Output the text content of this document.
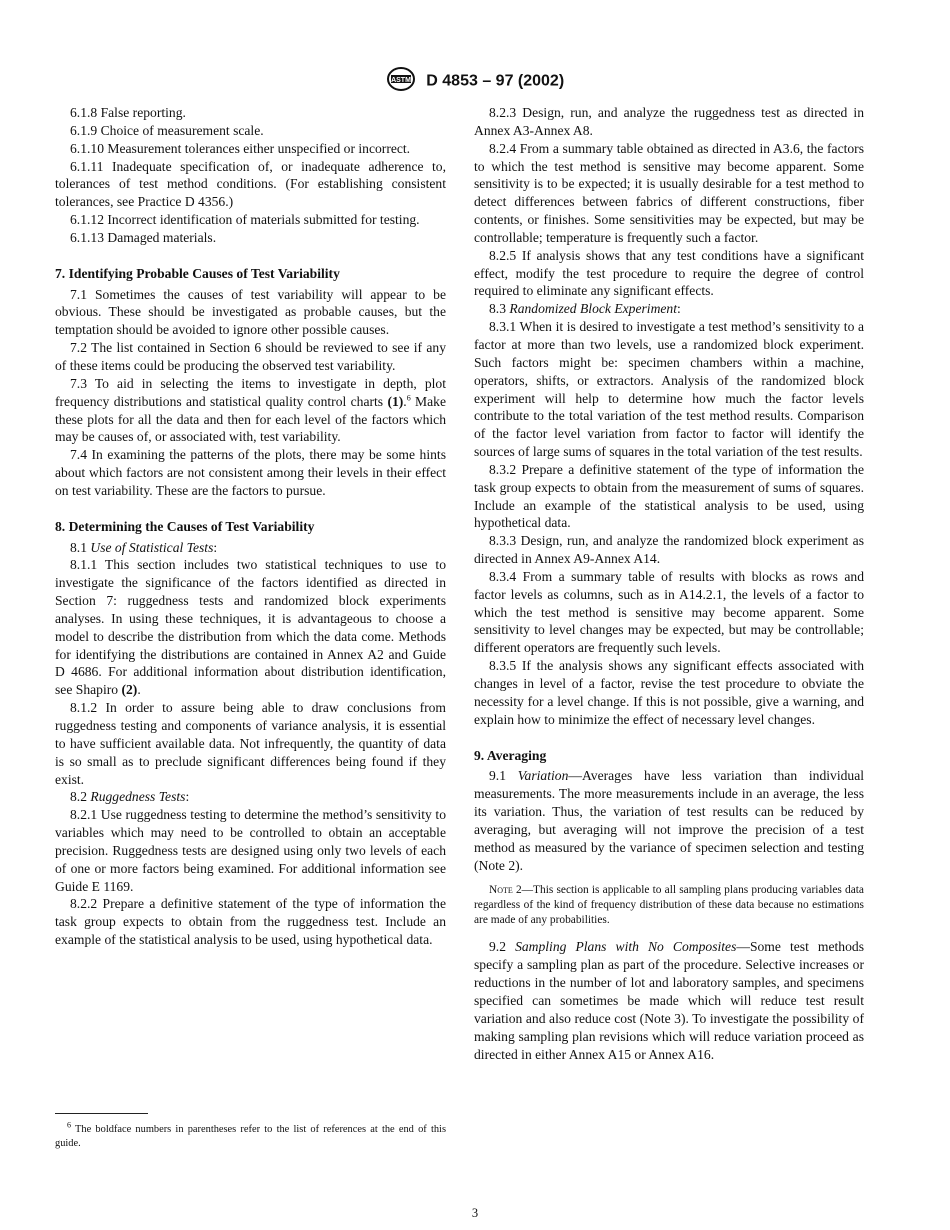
ASTM D 4853 – 97 (2002)

6.1.8 False reporting.

6.1.9 Choice of measurement scale.

6.1.10 Measurement tolerances either unspecified or incorrect.

6.1.11 Inadequate specification of, or inadequate adherence to, tolerances of test method conditions. (For establishing consistent tolerances, see Practice D 4356.)

6.1.12 Incorrect identification of materials submitted for testing.

6.1.13 Damaged materials.

7. Identifying Probable Causes of Test Variability

7.1 Sometimes the causes of test variability will appear to be obvious. These should be investigated as probable causes, but the temptation should be avoided to ignore other possible causes.

7.2 The list contained in Section 6 should be reviewed to see if any of these items could be producing the observed test variability.

7.3 To aid in selecting the items to investigate in depth, plot frequency distributions and statistical quality control charts (1).$^6$ Make these plots for all the data and then for each level of the factors which may be causes of, or associated with, test variability.

7.4 In examining the patterns of the plots, there may be some hints about which factors are not consistent among their levels in their effect on test variability. These are the factors to pursue.

8. Determining the Causes of Test Variability

8.1 Use of Statistical Tests:

8.1.1 This section includes two statistical techniques to use to investigate the significance of the factors identified as directed in Section 7: ruggedness tests and randomized block experiments analyses. In using these techniques, it is advantageous to choose a model to describe the distribution from which the data come. Methods for identifying the distributions are contained in Annex A2 and Guide D 4686. For additional information about distribution identification, see Shapiro (2).

8.1.2 In order to assure being able to draw conclusions from ruggedness testing and components of variance analysis, it is essential to have sufficient available data. Not infrequently, the quantity of data is so small as to preclude significant differences being found if they exist.

8.2 Ruggedness Tests:

8.2.1 Use ruggedness testing to determine the method’s sensitivity to variables which may need to be controlled to obtain an acceptable precision. Ruggedness tests are designed using only two levels of each of one or more factors being examined. For additional information see Guide E 1169.

8.2.2 Prepare a definitive statement of the type of information the task group expects to obtain from the ruggedness test. Include an example of the statistical analysis to be used, using hypothetical data.

$^6$ The boldface numbers in parentheses refer to the list of references at the end of this guide.

8.2.3 Design, run, and analyze the ruggedness test as directed in Annex A3-Annex A8.

8.2.4 From a summary table obtained as directed in A3.6, the factors to which the test method is sensitive may become apparent. Some sensitivity is to be expected; it is usually desirable for a test method to detect differences between fabrics of different constructions, fiber contents, or finishes. Some sensitivities may be expected, but may be controllable; temperature is frequently such a factor.

8.2.5 If analysis shows that any test conditions have a significant effect, modify the test procedure to require the degree of control required to eliminate any significant effects.

8.3 Randomized Block Experiment:

8.3.1 When it is desired to investigate a test method’s sensitivity to a factor at more than two levels, use a randomized block experiment. Such factors might be: specimen chambers within a machine, operators, shifts, or extractors. Analysis of the randomized block experiment will help to determine how much the factor levels contribute to the total variation of the test method results. Comparison of the factor level variation from factor to factor will identify the sources of large sums of squares in the total variation of the test results.

8.3.2 Prepare a definitive statement of the type of information the task group expects to obtain from the measurement of sums of squares. Include an example of the statistical analysis to be used, using hypothetical data.

8.3.3 Design, run, and analyze the randomized block experiment as directed in Annex A9-Annex A14.

8.3.4 From a summary table of results with blocks as rows and factor levels as columns, such as in A14.2.1, the levels of a factor to which the test method is sensitive may become apparent. Some sensitivity to level changes may be expected, but may be controllable; different operators are frequently such levels.

8.3.5 If the analysis shows any significant effects associated with changes in level of a factor, revise the test procedure to obviate the necessity for a level change. If this is not possible, give a warning, and explain how to minimize the effect of necessary level changes.

9. Averaging

9.1 Variation—Averages have less variation than individual measurements. The more measurements include in an average, the less its variation. Thus, the variation of test results can be reduced by averaging, but averaging will not improve the precision of a test method as measured by the variance of specimen selection and testing (Note 2).

Note 2—This section is applicable to all sampling plans producing variables data regardless of the kind of frequency distribution of these data because no estimations are made of any probabilities.

9.2 Sampling Plans with No Composites—Some test methods specify a sampling plan as part of the procedure. Selective increases or reductions in the number of lot and laboratory samples, and specimens specified can sometimes be made which will reduce test result variation and also reduce cost (Note 3). To investigate the possibility of making sampling plan revisions which will reduce variation proceed as directed in either Annex A15 or Annex A16.

3
